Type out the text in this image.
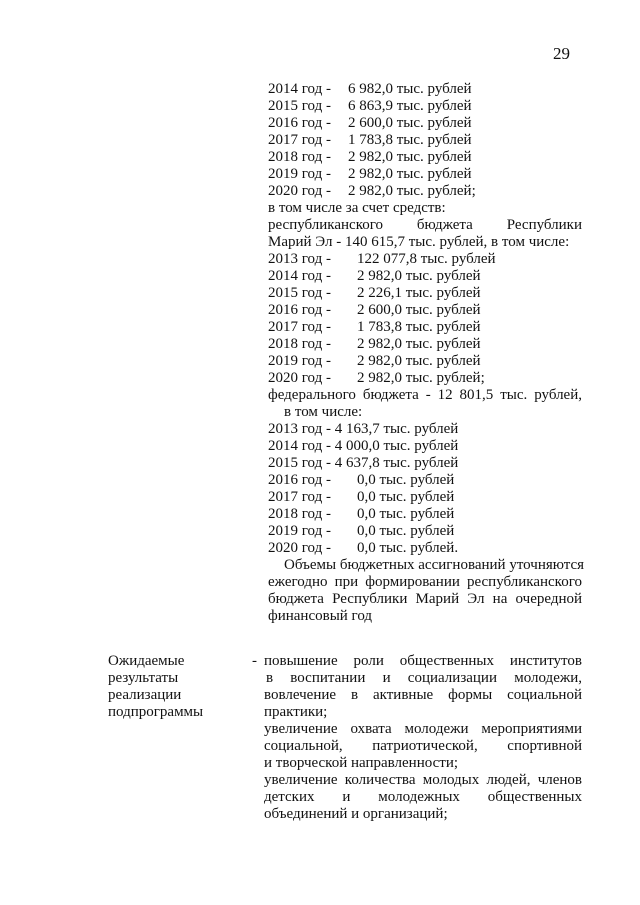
29
2014 год -	6 982,0 тыс. рублей
2015 год -	6 863,9 тыс. рублей
2016 год -	2 600,0 тыс. рублей
2017 год -	1 783,8 тыс. рублей
2018 год -	2 982,0 тыс. рублей
2019 год -	2 982,0 тыс. рублей
2020 год -	2 982,0 тыс. рублей;
в том числе за счет средств:
республиканского бюджета Республики
Марий Эл - 140 615,7 тыс. рублей, в том числе:
2013 год -	122 077,8 тыс. рублей
2014 год -	2 982,0 тыс. рублей
2015 год -	2 226,1 тыс. рублей
2016 год -	2 600,0 тыс. рублей
2017 год -	1 783,8 тыс. рублей
2018 год -	2 982,0 тыс. рублей
2019 год -	2 982,0 тыс. рублей
2020 год -	2 982,0 тыс. рублей;
федерального бюджета - 12 801,5 тыс. рублей,
в том числе:
2013 год - 4 163,7 тыс. рублей
2014 год - 4 000,0 тыс. рублей
2015 год - 4 637,8 тыс. рублей
2016 год -	0,0 тыс. рублей
2017 год -	0,0 тыс. рублей
2018 год -	0,0 тыс. рублей
2019 год -	0,0 тыс. рублей
2020 год -	0,0 тыс. рублей.
Объемы бюджетных ассигнований уточняются
ежегодно при формировании республиканского
бюджета Республики Марий Эл на очередной
финансовый год
Ожидаемые
результаты
реализации
подпрограммы
- повышение роли общественных институтов
в воспитании и социализации молодежи,
вовлечение в активные формы социальной
практики;
увеличение охвата молодежи мероприятиями
социальной, патриотической, спортивной
и творческой направленности;
увеличение количества молодых людей, членов
детских и молодежных общественных
объединений и организаций;
